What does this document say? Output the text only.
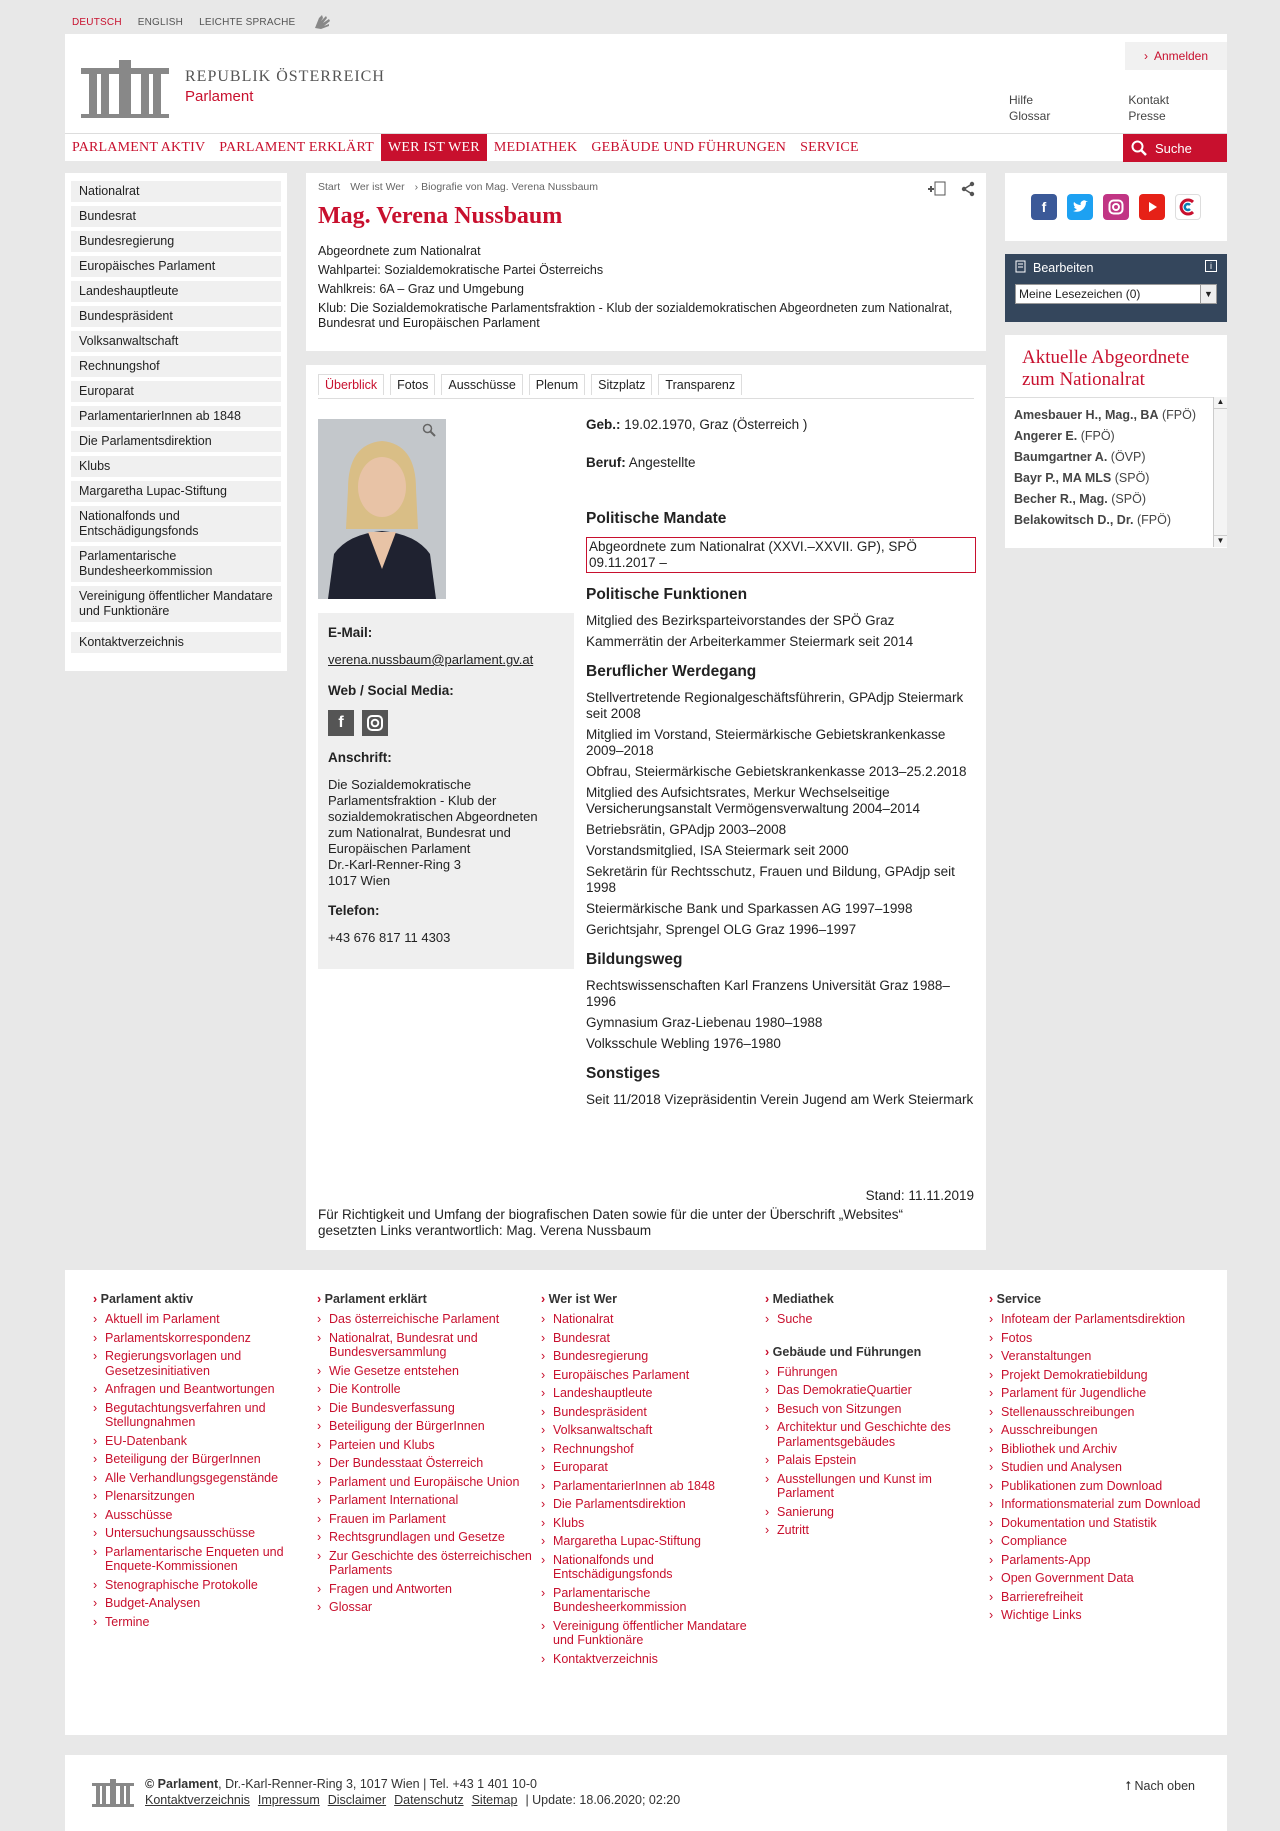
DEUTSCH ENGLISH LEICHTE SPRACHE
REPUBLIK ÖSTERREICH
Parlament
› Anmelden
Hilfe
Glossar
Kontakt
Presse
PARLAMENT AKTIV	PARLAMENT ERKLÄRT	WER IST WER	MEDIATHEK	GEBÄUDE UND FÜHRUNGEN	SERVICE	Suche
Nationalrat
Bundesrat
Bundesregierung
Europäisches Parlament
Landeshauptleute
Bundespräsident
Volksanwaltschaft
Rechnungshof
Europarat
ParlamentarierInnen ab 1848
Die Parlamentsdirektion
Klubs
Margaretha Lupac-Stiftung
Nationalfonds und Entschädigungsfonds
Parlamentarische Bundesheerkommission
Vereinigung öffentlicher Mandatare und Funktionäre
Kontaktverzeichnis
Start Wer ist Wer
›	Biografie von Mag. Verena Nussbaum
Mag. Verena Nussbaum
Abgeordnete zum Nationalrat
Wahlpartei: Sozialdemokratische Partei Österreichs
Wahlkreis: 6A – Graz und Umgebung
Klub: Die Sozialdemokratische Parlamentsfraktion - Klub der sozialdemokratischen Abgeordneten zum Nationalrat, Bundesrat und Europäischen Parlament
Überblick	Fotos	Ausschüsse	Plenum	Sitzplatz	Transparenz
E-Mail:
verena.nussbaum@parlament.gv.at
Web / Social Media:
f
Anschrift:
Die Sozialdemokratische Parlamentsfraktion - Klub der sozialdemokratischen Abgeordneten zum Nationalrat, Bundesrat und Europäischen Parlament
Dr.-Karl-Renner-Ring 3
1017 Wien
Telefon:
+43 676 817 11 4303
Geb.: 19.02.1970, Graz (Österreich )
Beruf: Angestellte
Politische Mandate
Abgeordnete zum Nationalrat (XXVI.–XXVII. GP), SPÖ 09.11.2017 –
Politische Funktionen
Mitglied des Bezirksparteivorstandes der SPÖ Graz
Kammerrätin der Arbeiterkammer Steiermark seit 2014
Beruflicher Werdegang
Stellvertretende Regionalgeschäftsführerin, GPAdjp Steiermark seit 2008
Mitglied im Vorstand, Steiermärkische Gebietskrankenkasse 2009–2018
Obfrau, Steiermärkische Gebietskrankenkasse 2013–25.2.2018
Mitglied des Aufsichtsrates, Merkur Wechselseitige Versicherungsanstalt Vermögensverwaltung 2004–2014
Betriebsrätin, GPAdjp 2003–2008
Vorstandsmitglied, ISA Steiermark seit 2000
Sekretärin für Rechtsschutz, Frauen und Bildung, GPAdjp seit 1998
Steiermärkische Bank und Sparkassen AG 1997–1998
Gerichtsjahr, Sprengel OLG Graz 1996–1997
Bildungsweg
Rechtswissenschaften Karl Franzens Universität Graz 1988–1996
Gymnasium Graz-Liebenau 1980–1988
Volksschule Webling 1976–1980
Sonstiges
Seit 11/2018 Vizepräsidentin Verein Jugend am Werk Steiermark
Stand: 11.11.2019
Für Richtigkeit und Umfang der biografischen Daten sowie für die unter der Überschrift „Websites“ gesetzten Links verantwortlich: Mag. Verena Nussbaum
f
Bearbeiten	i
Meine Lesezeichen (0)	▼
Aktuelle Abgeordnete zum Nationalrat
Amesbauer H., Mag., BA (FPÖ)
Angerer E. (FPÖ)
Baumgartner A. (ÖVP)
Bayr P., MA MLS (SPÖ)
Becher R., Mag. (SPÖ)
Belakowitsch D., Dr. (FPÖ)
▲
▼
› Parlament aktiv
› Aktuell im Parlament
› Parlamentskorrespondenz
› Regierungsvorlagen und Gesetzesinitiativen
› Anfragen und Beantwortungen
› Begutachtungsverfahren und Stellungnahmen
› EU-Datenbank
› Beteiligung der BürgerInnen
› Alle Verhandlungsgegenstände
› Plenarsitzungen
› Ausschüsse
› Untersuchungsausschüsse
› Parlamentarische Enqueten und Enquete-Kommissionen
› Stenographische Protokolle
› Budget-Analysen
› Termine
› Parlament erklärt
› Das österreichische Parlament
› Nationalrat, Bundesrat und Bundesversammlung
› Wie Gesetze entstehen
› Die Kontrolle
› Die Bundesverfassung
› Beteiligung der BürgerInnen
› Parteien und Klubs
› Der Bundesstaat Österreich
› Parlament und Europäische Union
› Parlament International
› Frauen im Parlament
› Rechtsgrundlagen und Gesetze
› Zur Geschichte des österreichischen Parlaments
› Fragen und Antworten
› Glossar
› Wer ist Wer
› Nationalrat
› Bundesrat
› Bundesregierung
› Europäisches Parlament
› Landeshauptleute
› Bundespräsident
› Volksanwaltschaft
› Rechnungshof
› Europarat
› ParlamentarierInnen ab 1848
› Die Parlamentsdirektion
› Klubs
› Margaretha Lupac-Stiftung
› Nationalfonds und Entschädigungsfonds
› Parlamentarische Bundesheerkommission
› Vereinigung öffentlicher Mandatare und Funktionäre
› Kontaktverzeichnis
› Mediathek
› Suche
› Gebäude und Führungen
› Führungen
› Das DemokratieQuartier
› Besuch von Sitzungen
› Architektur und Geschichte des Parlamentsgebäudes
› Palais Epstein
› Ausstellungen und Kunst im Parlament
› Sanierung
› Zutritt
› Service
› Infoteam der Parlamentsdirektion
› Fotos
› Veranstaltungen
› Projekt Demokratiebildung
› Parlament für Jugendliche
› Stellenausschreibungen
› Ausschreibungen
› Bibliothek und Archiv
› Studien und Analysen
› Publikationen zum Download
› Informationsmaterial zum Download
› Dokumentation und Statistik
› Compliance
› Parlaments-App
› Open Government Data
› Barrierefreiheit
› Wichtige Links
© Parlament, Dr.-Karl-Renner-Ring 3, 1017 Wien | Tel. +43 1 401 10-0
Kontaktverzeichnis Impressum Disclaimer Datenschutz Sitemap | Update: 18.06.2020; 02:20
⭡ Nach oben
